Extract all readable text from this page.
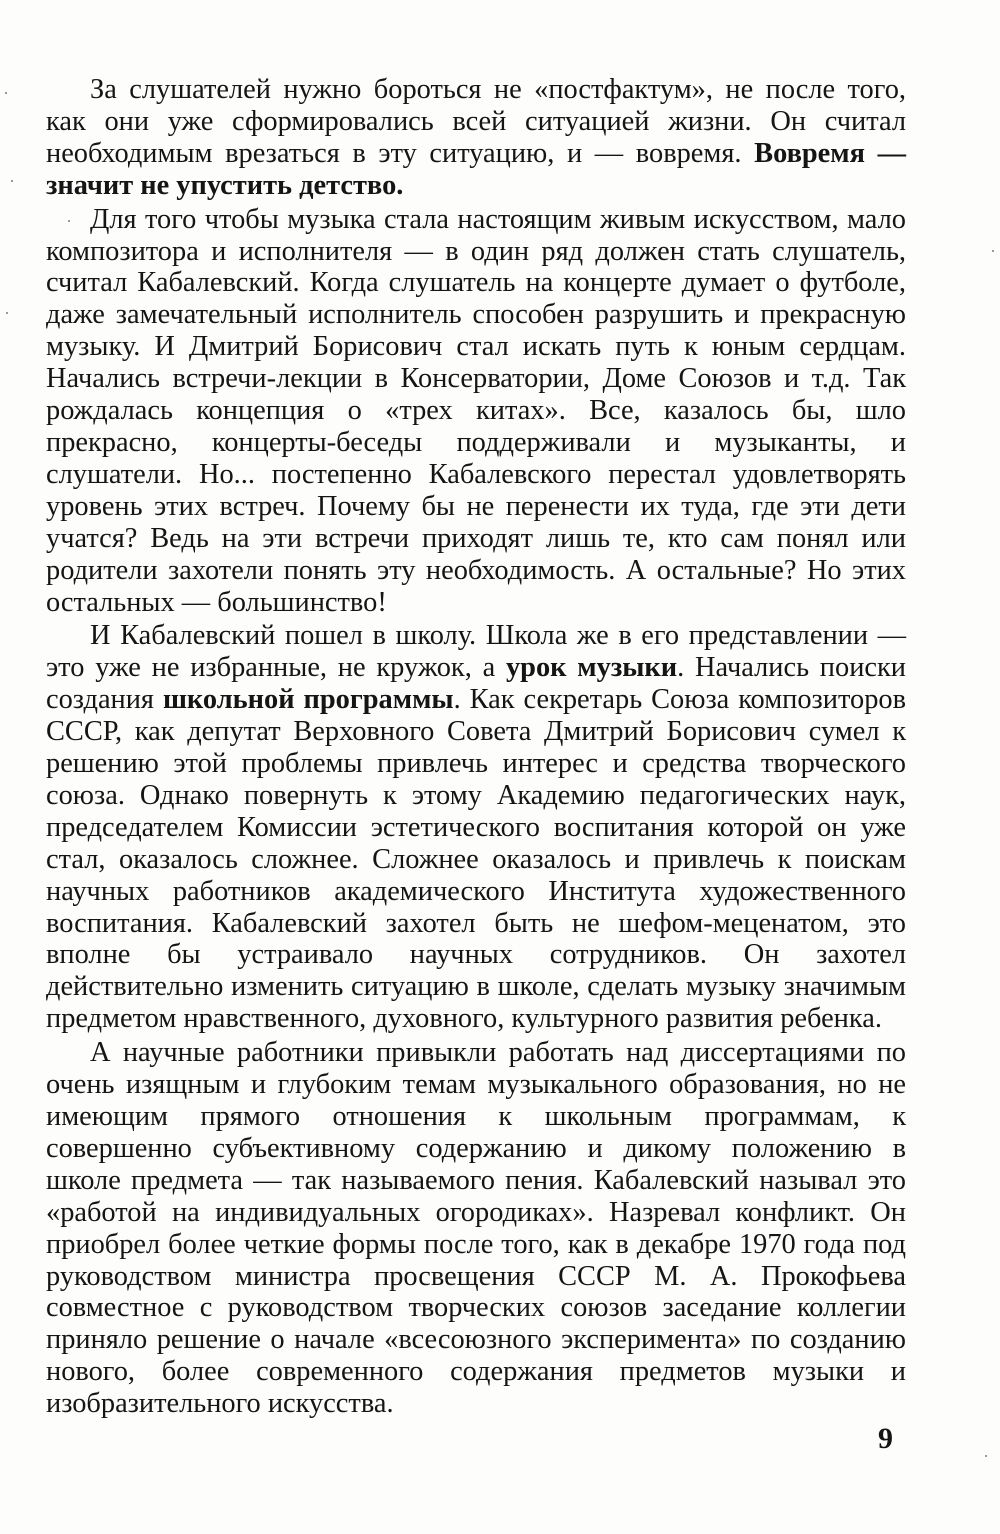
За слушателей нужно бороться не «постфактум», не после того, как они уже сформировались всей ситуацией жизни. Он считал необходимым врезаться в эту ситуацию, и — вовремя. Вовремя — значит не упустить детство.

Для того чтобы музыка стала настоящим живым искусством, мало композитора и исполнителя — в один ряд должен стать слушатель, считал Кабалевский. Когда слушатель на концерте думает о футболе, даже замечательный исполнитель способен разрушить и прекрасную музыку. И Дмитрий Борисович стал искать путь к юным сердцам. Начались встречи-лекции в Консерватории, Доме Союзов и т.д. Так рождалась концепция о «трех китах». Все, казалось бы, шло прекрасно, концерты-беседы поддерживали и музыканты, и слушатели. Но... постепенно Кабалевского перестал удовлетворять уровень этих встреч. Почему бы не перенести их туда, где эти дети учатся? Ведь на эти встречи приходят лишь те, кто сам понял или родители захотели понять эту необходимость. А остальные? Но этих остальных — большинство!

И Кабалевский пошел в школу. Школа же в его представлении — это уже не избранные, не кружок, а урок музыки. Начались поиски создания школьной программы. Как секретарь Союза композиторов СССР, как депутат Верховного Совета Дмитрий Борисович сумел к решению этой проблемы привлечь интерес и средства творческого союза. Однако повернуть к этому Академию педагогических наук, председателем Комиссии эстетического воспитания которой он уже стал, оказалось сложнее. Сложнее оказалось и привлечь к поискам научных работников академического Института художественного воспитания. Кабалевский захотел быть не шефом-меценатом, это вполне бы устраивало научных сотрудников. Он захотел действительно изменить ситуацию в школе, сделать музыку значимым предметом нравственного, духовного, культурного развития ребенка.

А научные работники привыкли работать над диссертациями по очень изящным и глубоким темам музыкального образования, но не имеющим прямого отношения к школьным программам, к совершенно субъективному содержанию и дикому положению в школе предмета — так называемого пения. Кабалевский называл это «работой на индивидуальных огородиках». Назревал конфликт. Он приобрел более четкие формы после того, как в декабре 1970 года под руководством министра просвещения СССР М. А. Прокофьева совместное с руководством творческих союзов заседание коллегии приняло решение о начале «всесоюзного эксперимента» по созданию нового, более современного содержания предметов музыки и изобразительного искусства.

9
